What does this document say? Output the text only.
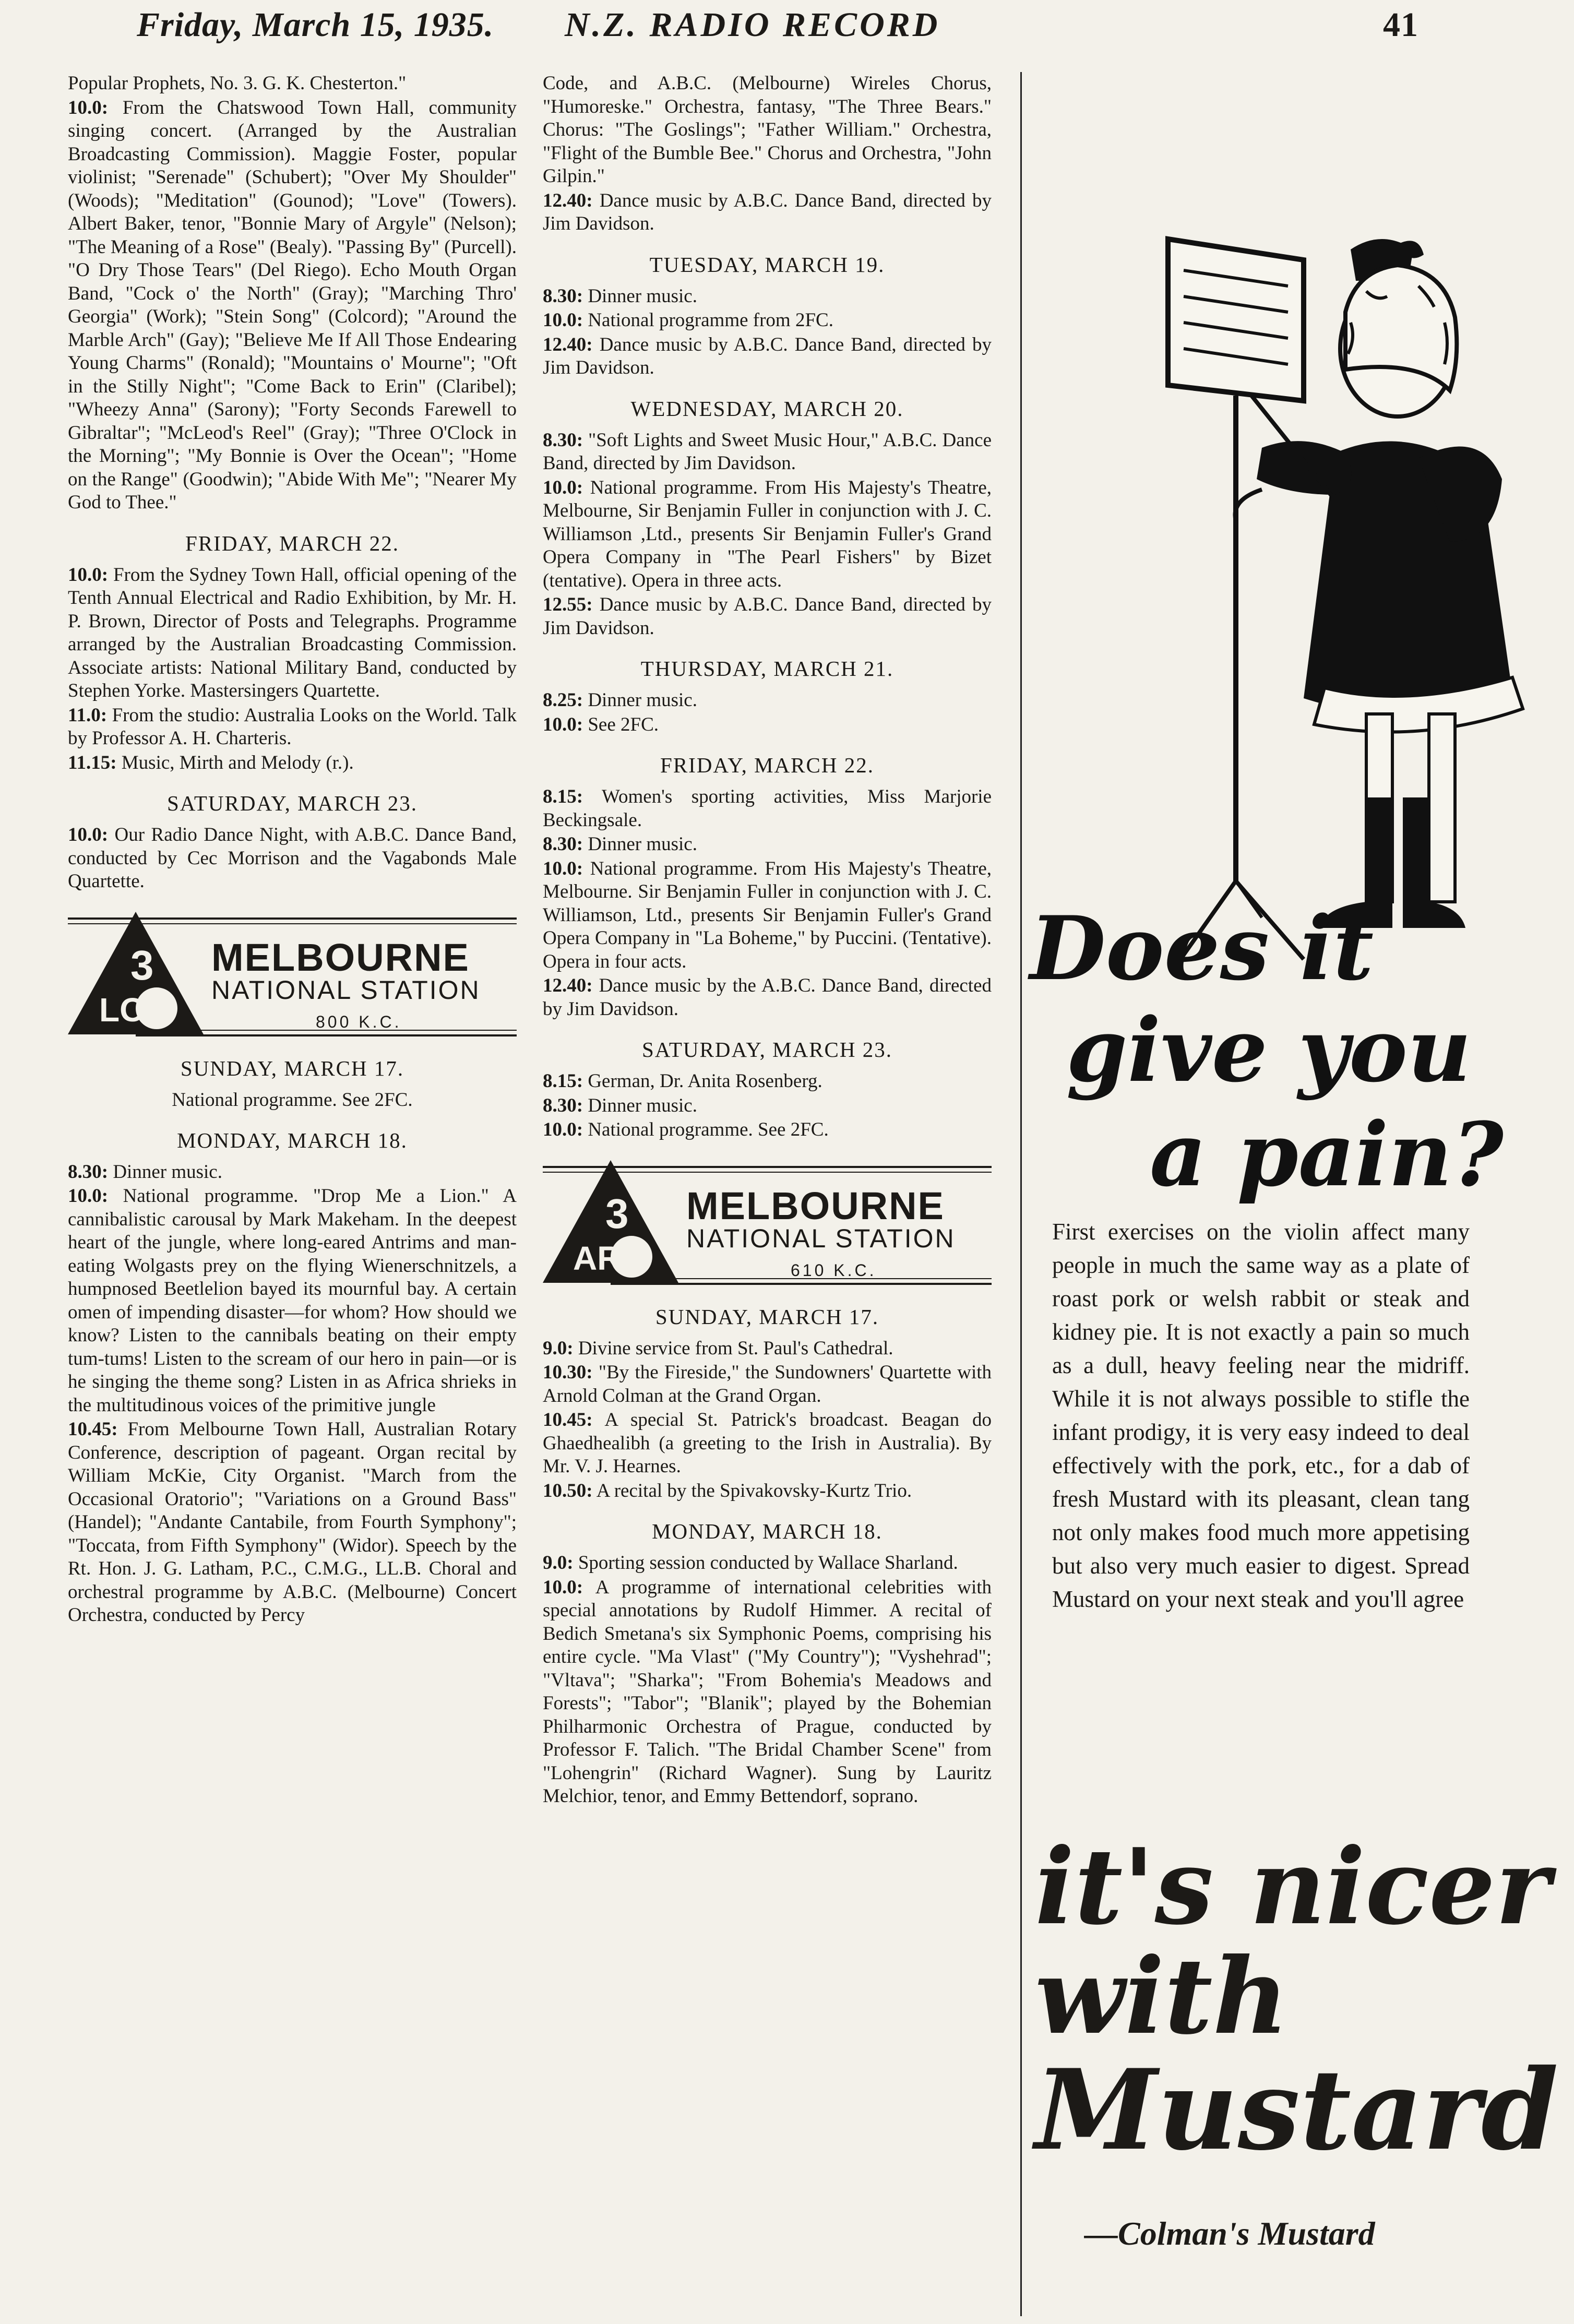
Friday, March 15, 1935. N.Z. RADIO RECORD	41

Popular Prophets, No. 3. G. K. Chesterton."

10.0: From the Chatswood Town Hall, community singing concert. (Arranged by the Australian Broadcasting Commission). Maggie Foster, popular violinist; "Serenade" (Schubert); "Over My Shoulder" (Woods); "Meditation" (Gounod); "Love" (Towers). Albert Baker, tenor, "Bonnie Mary of Argyle" (Nelson); "The Meaning of a Rose" (Bealy). "Passing By" (Purcell). "O Dry Those Tears" (Del Riego). Echo Mouth Organ Band, "Cock o' the North" (Gray); "Marching Thro' Georgia" (Work); "Stein Song" (Colcord); "Around the Marble Arch" (Gay); "Believe Me If All Those Endearing Young Charms" (Ronald); "Mountains o' Mourne"; "Oft in the Stilly Night"; "Come Back to Erin" (Claribel); "Wheezy Anna" (Sarony); "Forty Seconds Farewell to Gibraltar"; "McLeod's Reel" (Gray); "Three O'Clock in the Morning"; "My Bonnie is Over the Ocean"; "Home on the Range" (Goodwin); "Abide With Me"; "Nearer My God to Thee."

FRIDAY, MARCH 22.

10.0: From the Sydney Town Hall, official opening of the Tenth Annual Electrical and Radio Exhibition, by Mr. H. P. Brown, Director of Posts and Telegraphs. Programme arranged by the Australian Broadcasting Commission. Associate artists: National Military Band, conducted by Stephen Yorke. Mastersingers Quartette.

11.0: From the studio: Australia Looks on the World. Talk by Professor A. H. Charteris.

11.15: Music, Mirth and Melody (r.).

SATURDAY, MARCH 23.

10.0: Our Radio Dance Night, with A.B.C. Dance Band, conducted by Cec Morrison and the Vagabonds Male Quartette.

3
LO
MELBOURNE
NATIONAL STATION
800 K.C.
SUNDAY, MARCH 17.
National programme. See 2FC.
MONDAY, MARCH 18.

8.30: Dinner music.

10.0: National programme. "Drop Me a Lion." A cannibalistic carousal by Mark Makeham. In the deepest heart of the jungle, where long-eared Antrims and man-eating Wolgasts prey on the flying Wienerschnitzels, a humpnosed Beetlelion bayed its mournful bay. A certain omen of impending disaster—for whom? How should we know? Listen to the cannibals beating on their empty tum-tums! Listen to the scream of our hero in pain—or is he singing the theme song? Listen in as Africa shrieks in the multitudinous voices of the primitive jungle

10.45: From Melbourne Town Hall, Australian Rotary Conference, description of pageant. Organ recital by William McKie, City Organist. "March from the Occasional Oratorio"; "Variations on a Ground Bass" (Handel); "Andante Cantabile, from Fourth Symphony"; "Toccata, from Fifth Symphony" (Widor). Speech by the Rt. Hon. J. G. Latham, P.C., C.M.G., LL.B. Choral and orchestral programme by A.B.C. (Melbourne) Concert Orchestra, conducted by Percy

Code, and A.B.C. (Melbourne) Wireles Chorus, "Humoreske." Orchestra, fantasy, "The Three Bears." Chorus: "The Goslings"; "Father William." Orchestra, "Flight of the Bumble Bee." Chorus and Orchestra, "John Gilpin."

12.40: Dance music by A.B.C. Dance Band, directed by Jim Davidson.

TUESDAY, MARCH 19.

8.30: Dinner music.

10.0: National programme from 2FC.

12.40: Dance music by A.B.C. Dance Band, directed by Jim Davidson.

WEDNESDAY, MARCH 20.

8.30: "Soft Lights and Sweet Music Hour," A.B.C. Dance Band, directed by Jim Davidson.

10.0: National programme. From His Majesty's Theatre, Melbourne, Sir Benjamin Fuller in conjunction with J. C. Williamson ,Ltd., presents Sir Benjamin Fuller's Grand Opera Company in "The Pearl Fishers" by Bizet (tentative). Opera in three acts.

12.55: Dance music by A.B.C. Dance Band, directed by Jim Davidson.

THURSDAY, MARCH 21.

8.25: Dinner music.

10.0: See 2FC.

FRIDAY, MARCH 22.

8.15: Women's sporting activities, Miss Marjorie Beckingsale.

8.30: Dinner music.

10.0: National programme. From His Majesty's Theatre, Melbourne. Sir Benjamin Fuller in conjunction with J. C. Williamson, Ltd., presents Sir Benjamin Fuller's Grand Opera Company in "La Boheme," by Puccini. (Tentative). Opera in four acts.

12.40: Dance music by the A.B.C. Dance Band, directed by Jim Davidson.

SATURDAY, MARCH 23.

8.15: German, Dr. Anita Rosenberg.

8.30: Dinner music.

10.0: National programme. See 2FC.

3
AR
MELBOURNE
NATIONAL STATION
610 K.C.
SUNDAY, MARCH 17.

9.0: Divine service from St. Paul's Cathedral.

10.30: "By the Fireside," the Sundowners' Quartette with Arnold Colman at the Grand Organ.

10.45: A special St. Patrick's broadcast. Beagan do Ghaedhealibh (a greeting to the Irish in Australia). By Mr. V. J. Hearnes.

10.50: A recital by the Spivakovsky-Kurtz Trio.

MONDAY, MARCH 18.

9.0: Sporting session conducted by Wallace Sharland.

10.0: A programme of international celebrities with special annotations by Rudolf Himmer. A recital of Bedich Smetana's six Symphonic Poems, comprising his entire cycle. "Ma Vlast" ("My Country"); "Vyshehrad"; "Vltava"; "Sharka"; "From Bohemia's Meadows and Forests"; "Tabor"; "Blanik"; played by the Bohemian Philharmonic Orchestra of Prague, conducted by Professor F. Talich. "The Bridal Chamber Scene" from "Lohengrin" (Richard Wagner). Sung by Lauritz Melchior, tenor, and Emmy Bettendorf, soprano.

Does it
give you
a pain?
First exercises on the violin affect many people in much the same way as a plate of roast pork or welsh rabbit or steak and kidney pie. It is not exactly a pain so much as a dull, heavy feeling near the midriff. While it is not always possible to stifle the infant prodigy, it is very easy indeed to deal effectively with the pork, etc., for a dab of fresh Mustard with its pleasant, clean tang not only makes food much more appetising but also very much easier to digest. Spread Mustard on your next steak and you'll agree
it's nicer
with
Mustard
—Colman's Mustard
